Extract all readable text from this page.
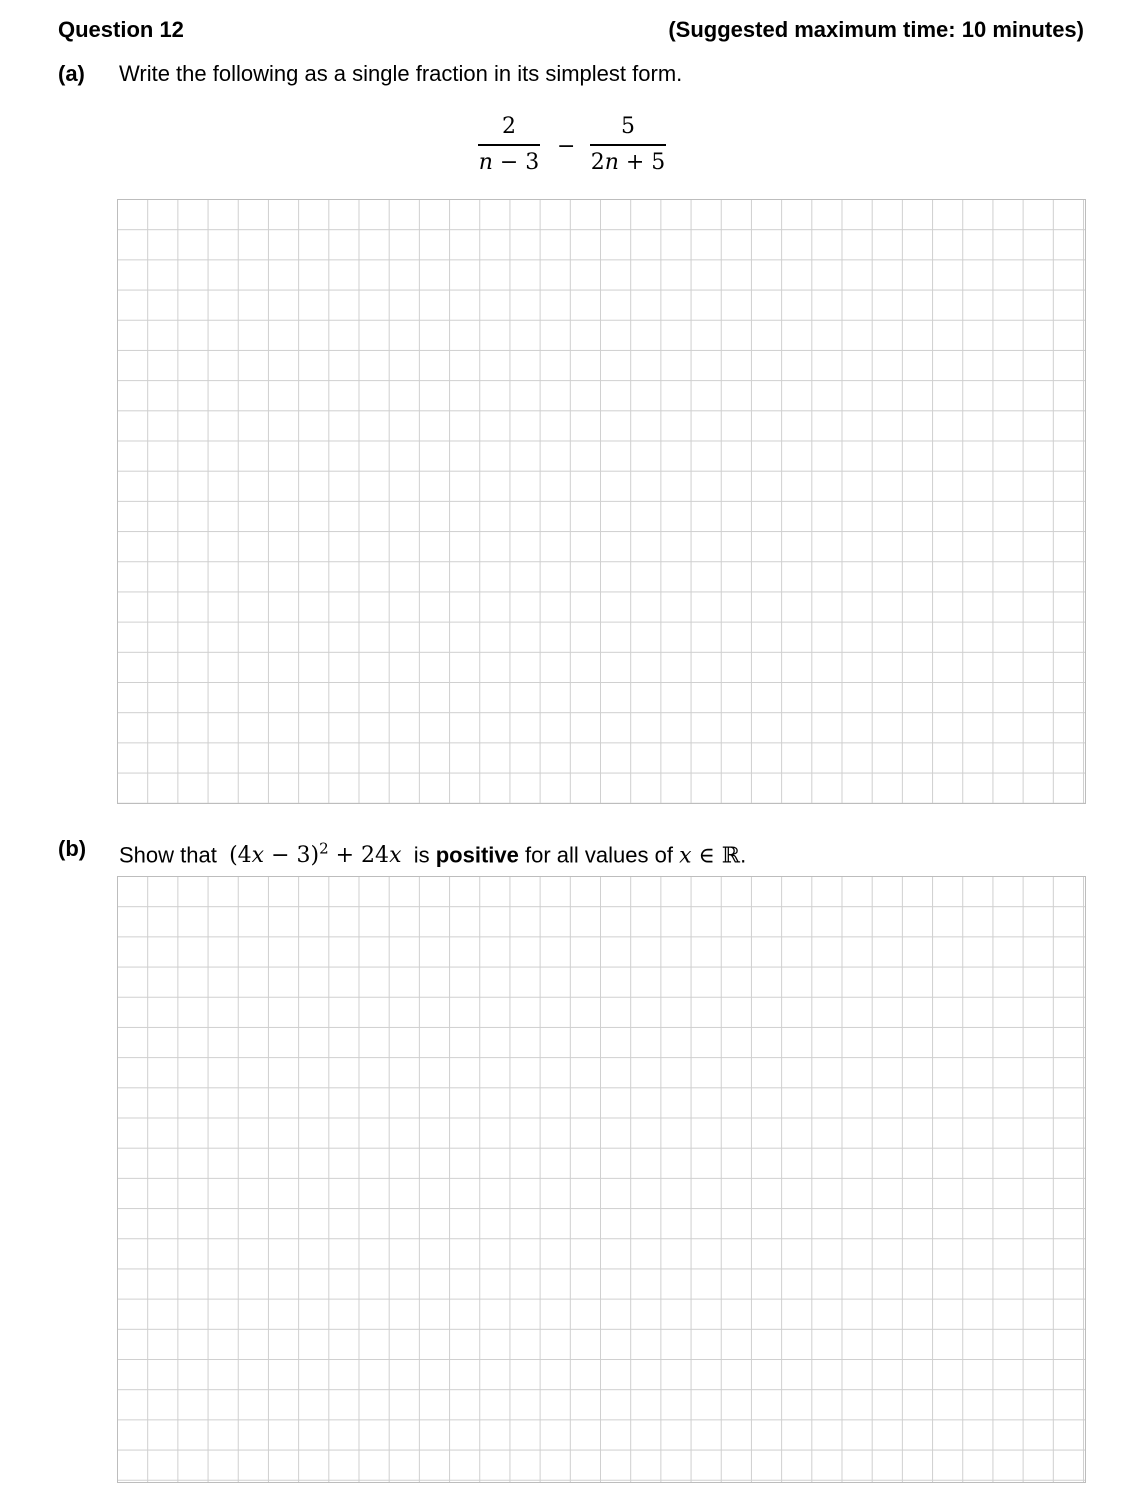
Question 12	(Suggested maximum time: 10 minutes)
(a) Write the following as a single fraction in its simplest form.
2
n − 3
−
5
2n + 5
(b) Show that $(4x - 3)^2 + 24x$ is positive for all values of x ∈ ℝ.
